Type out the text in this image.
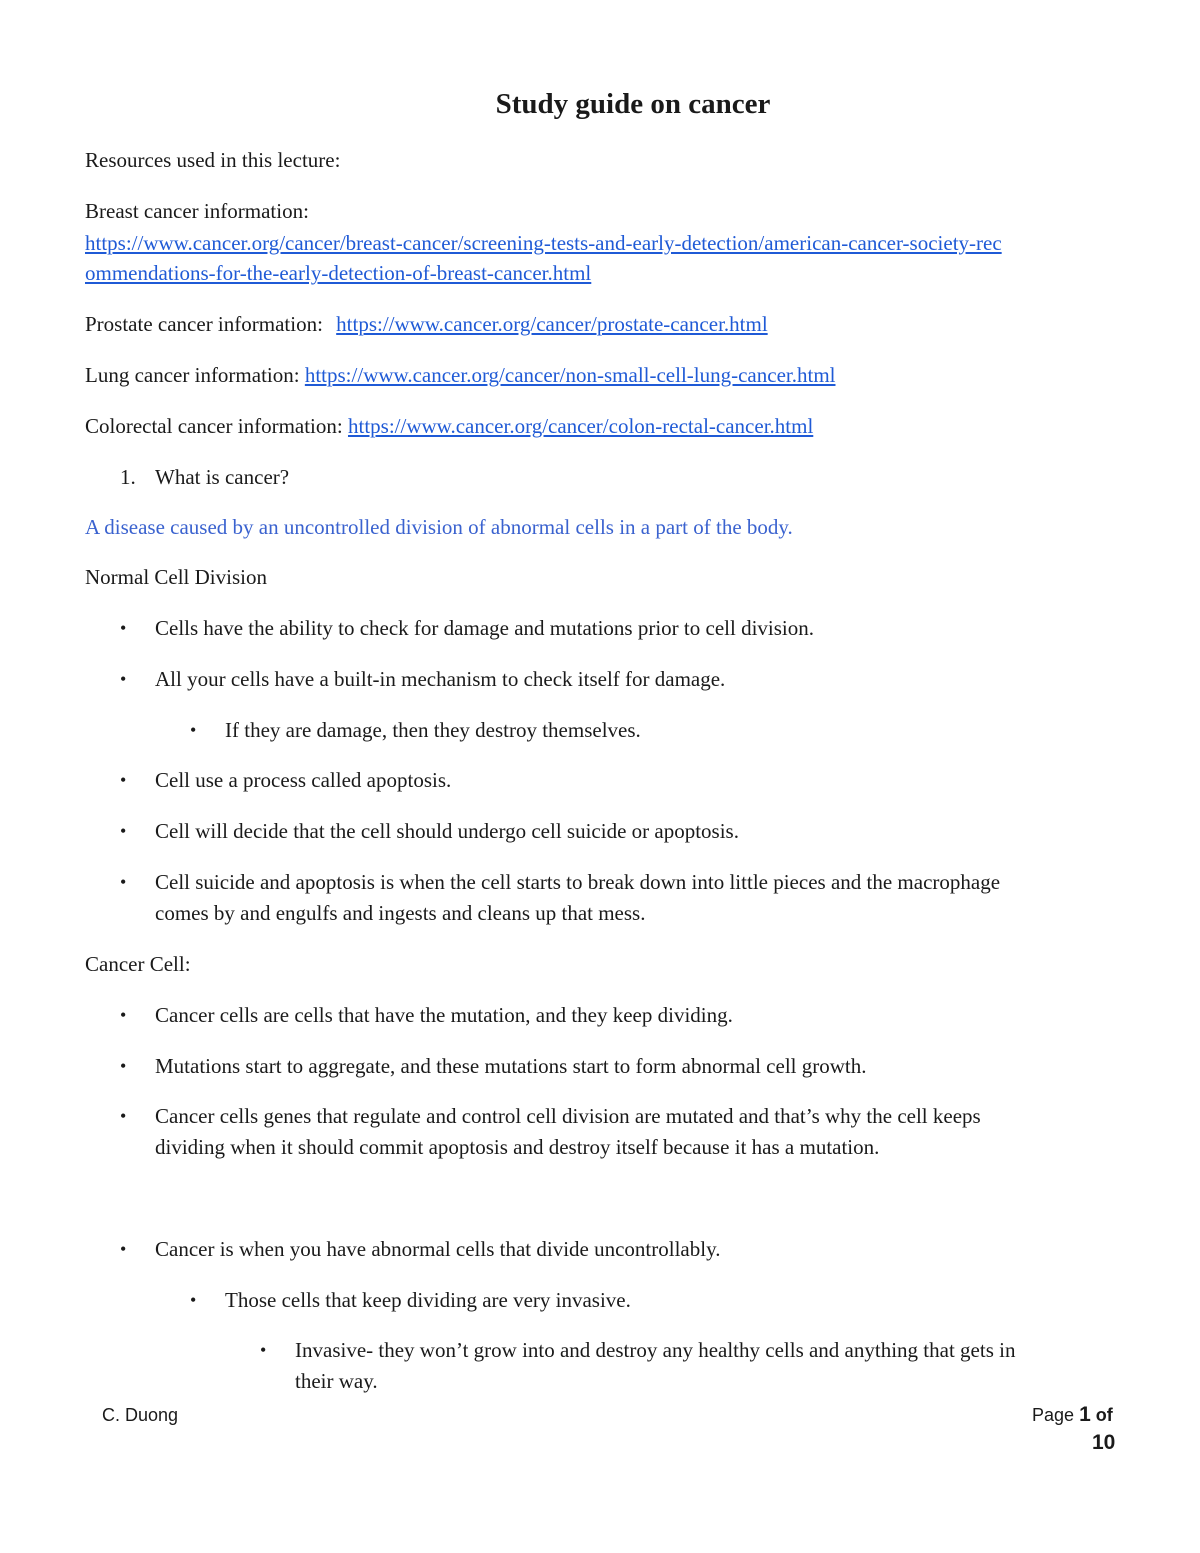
Study guide on cancer
Resources used in this lecture:
Breast cancer information:
https://www.cancer.org/cancer/breast-cancer/screening-tests-and-early-detection/american-cancer-society-rec
ommendations-for-the-early-detection-of-breast-cancer.html
Prostate cancer information: https://www.cancer.org/cancer/prostate-cancer.html
Lung cancer information: https://www.cancer.org/cancer/non-small-cell-lung-cancer.html
Colorectal cancer information: https://www.cancer.org/cancer/colon-rectal-cancer.html
1. What is cancer?
A disease caused by an uncontrolled division of abnormal cells in a part of the body.
Normal Cell Division
• Cells have the ability to check for damage and mutations prior to cell division.
• All your cells have a built-in mechanism to check itself for damage.
• If they are damage, then they destroy themselves.
• Cell use a process called apoptosis.
• Cell will decide that the cell should undergo cell suicide or apoptosis.
• Cell suicide and apoptosis is when the cell starts to break down into little pieces and the macrophage
comes by and engulfs and ingests and cleans up that mess.
Cancer Cell:
• Cancer cells are cells that have the mutation, and they keep dividing.
• Mutations start to aggregate, and these mutations start to form abnormal cell growth.
• Cancer cells genes that regulate and control cell division are mutated and that’s why the cell keeps
dividing when it should commit apoptosis and destroy itself because it has a mutation.
• Cancer is when you have abnormal cells that divide uncontrollably.
• Those cells that keep dividing are very invasive.
• Invasive- they won’t grow into and destroy any healthy cells and anything that gets in
their way.
C. Duong	Page 1 of
10
